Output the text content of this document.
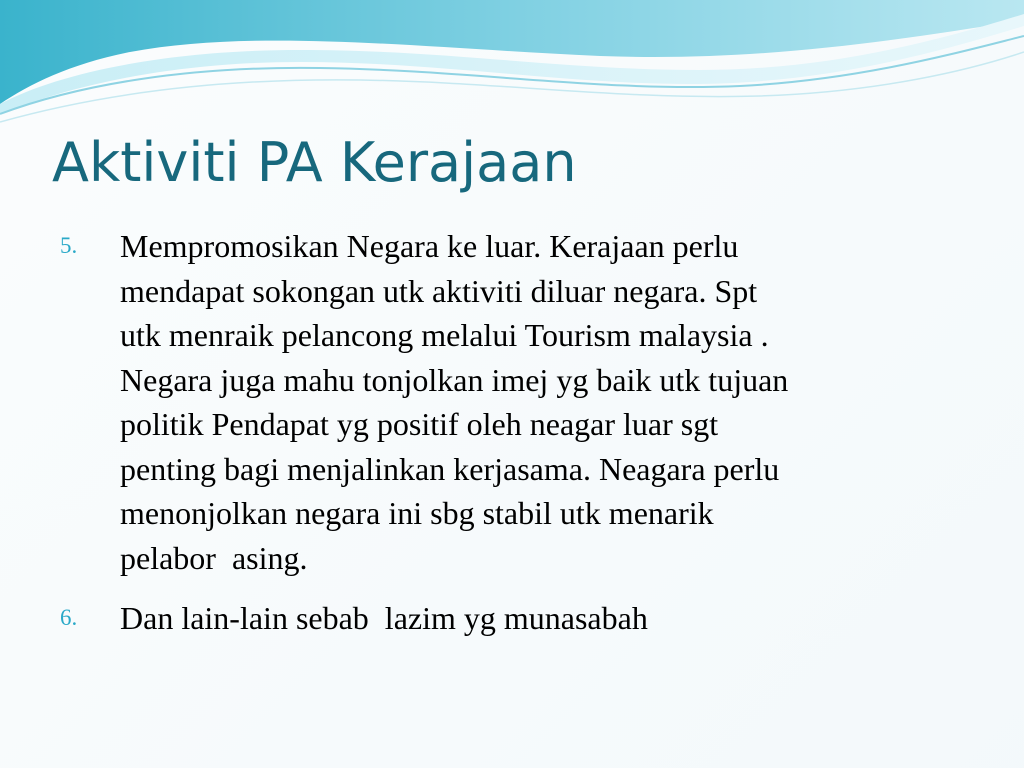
Aktiviti PA Kerajaan
5.	Mempromosikan Negara ke luar. Kerajaan perlu
mendapat sokongan utk aktiviti diluar negara. Spt
utk menraik pelancong melalui Tourism malaysia .
Negara juga mahu tonjolkan imej yg baik utk tujuan
politik Pendapat yg positif oleh neagar luar sgt
penting bagi menjalinkan kerjasama. Neagara perlu
menonjolkan negara ini sbg stabil utk menarik
pelabor  asing.
6.	Dan lain-lain sebab  lazim yg munasabah
